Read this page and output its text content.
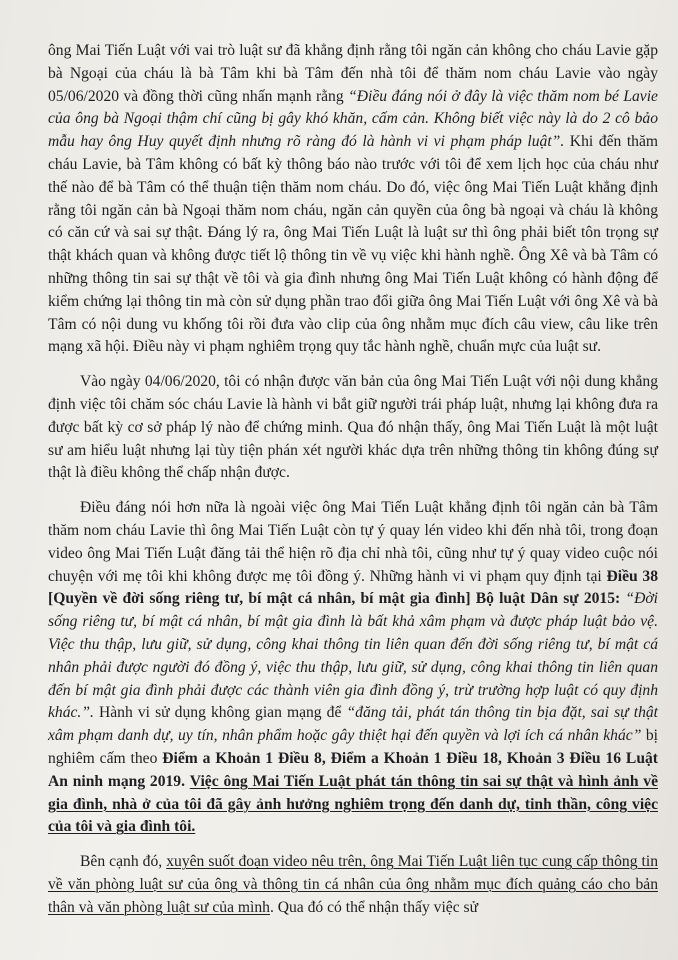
ông Mai Tiến Luật với vai trò luật sư đã khẳng định rằng tôi ngăn cản không cho cháu Lavie gặp bà Ngoại của cháu là bà Tâm khi bà Tâm đến nhà tôi để thăm nom cháu Lavie vào ngày 05/06/2020 và đồng thời cũng nhấn mạnh rằng “Điều đáng nói ở đây là việc thăm nom bé Lavie của ông bà Ngoại thậm chí cũng bị gây khó khăn, cấm cản. Không biết việc này là do 2 cô bảo mẫu hay ông Huy quyết định nhưng rõ ràng đó là hành vi vi phạm pháp luật”. Khi đến thăm cháu Lavie, bà Tâm không có bất kỳ thông báo nào trước với tôi để xem lịch học của cháu như thế nào để bà Tâm có thể thuận tiện thăm nom cháu. Do đó, việc ông Mai Tiến Luật khẳng định rằng tôi ngăn cản bà Ngoại thăm nom cháu, ngăn cản quyền của ông bà ngoại và cháu là không có căn cứ và sai sự thật. Đáng lý ra, ông Mai Tiến Luật là luật sư thì ông phải biết tôn trọng sự thật khách quan và không được tiết lộ thông tin về vụ việc khi hành nghề. Ông Xê và bà Tâm có những thông tin sai sự thật về tôi và gia đình nhưng ông Mai Tiến Luật không có hành động để kiểm chứng lại thông tin mà còn sử dụng phần trao đổi giữa ông Mai Tiến Luật với ông Xê và bà Tâm có nội dung vu khống tôi rồi đưa vào clip của ông nhằm mục đích câu view, câu like trên mạng xã hội. Điều này vi phạm nghiêm trọng quy tắc hành nghề, chuẩn mực của luật sư.

Vào ngày 04/06/2020, tôi có nhận được văn bản của ông Mai Tiến Luật với nội dung khẳng định việc tôi chăm sóc cháu Lavie là hành vi bắt giữ người trái pháp luật, nhưng lại không đưa ra được bất kỳ cơ sở pháp lý nào để chứng minh. Qua đó nhận thấy, ông Mai Tiến Luật là một luật sư am hiểu luật nhưng lại tùy tiện phán xét người khác dựa trên những thông tin không đúng sự thật là điều không thể chấp nhận được.

Điều đáng nói hơn nữa là ngoài việc ông Mai Tiến Luật khẳng định tôi ngăn cản bà Tâm thăm nom cháu Lavie thì ông Mai Tiến Luật còn tự ý quay lén video khi đến nhà tôi, trong đoạn video ông Mai Tiến Luật đăng tải thể hiện rõ địa chỉ nhà tôi, cũng như tự ý quay video cuộc nói chuyện với mẹ tôi khi không được mẹ tôi đồng ý. Những hành vi vi phạm quy định tại Điều 38 [Quyền về đời sống riêng tư, bí mật cá nhân, bí mật gia đình] Bộ luật Dân sự 2015: “Đời sống riêng tư, bí mật cá nhân, bí mật gia đình là bất khả xâm phạm và được pháp luật bảo vệ. Việc thu thập, lưu giữ, sử dụng, công khai thông tin liên quan đến đời sống riêng tư, bí mật cá nhân phải được người đó đồng ý, việc thu thập, lưu giữ, sử dụng, công khai thông tin liên quan đến bí mật gia đình phải được các thành viên gia đình đồng ý, trừ trường hợp luật có quy định khác.”. Hành vi sử dụng không gian mạng để “đăng tải, phát tán thông tin bịa đặt, sai sự thật xâm phạm danh dự, uy tín, nhân phẩm hoặc gây thiệt hại đến quyền và lợi ích cá nhân khác” bị nghiêm cấm theo Điểm a Khoản 1 Điều 8, Điểm a Khoản 1 Điều 18, Khoản 3 Điều 16 Luật An ninh mạng 2019. Việc ông Mai Tiến Luật phát tán thông tin sai sự thật và hình ảnh về gia đình, nhà ở của tôi đã gây ảnh hưởng nghiêm trọng đến danh dự, tinh thần, công việc của tôi và gia đình tôi.

Bên cạnh đó, xuyên suốt đoạn video nêu trên, ông Mai Tiến Luật liên tục cung cấp thông tin về văn phòng luật sư của ông và thông tin cá nhân của ông nhằm mục đích quảng cáo cho bản thân và văn phòng luật sư của mình. Qua đó có thể nhận thấy việc sử
